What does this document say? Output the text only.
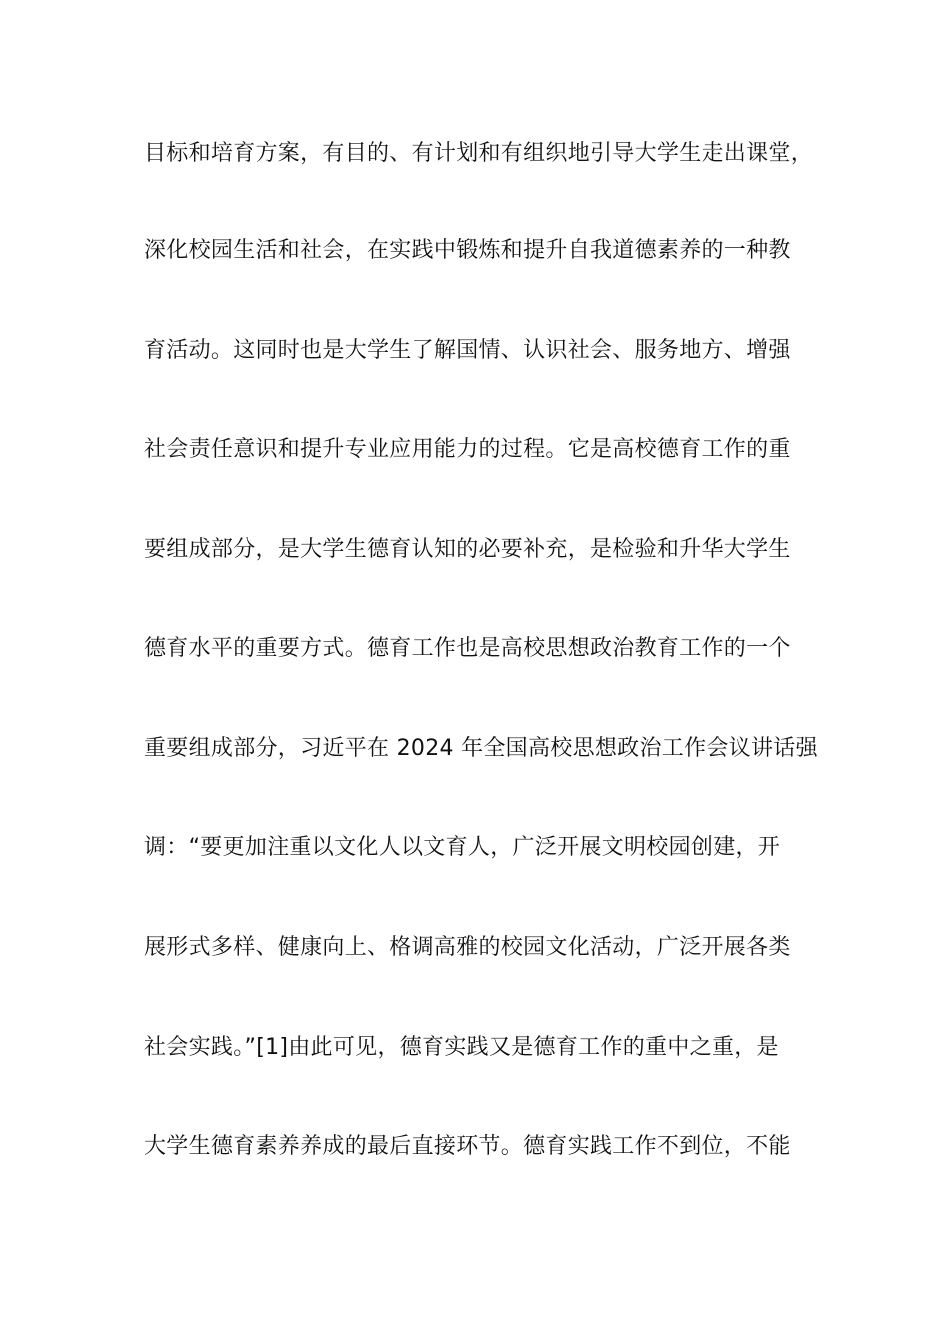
目标和培育方案，有目的、有计划和有组织地引导大学生走出课堂，
深化校园生活和社会，在实践中锻炼和提升自我道德素养的一种教
育活动。这同时也是大学生了解国情、认识社会、服务地方、增强
社会责任意识和提升专业应用能力的过程。它是高校德育工作的重
要组成部分，是大学生德育认知的必要补充，是检验和升华大学生
德育水平的重要方式。德育工作也是高校思想政治教育工作的一个
重要组成部分，习近平在 2024 年全国高校思想政治工作会议讲话强
调：“要更加注重以文化人以文育人，广泛开展文明校园创建，开
展形式多样、健康向上、格调高雅的校园文化活动，广泛开展各类
社会实践。”[1]由此可见，德育实践又是德育工作的重中之重，是
大学生德育素养养成的最后直接环节。德育实践工作不到位，不能
